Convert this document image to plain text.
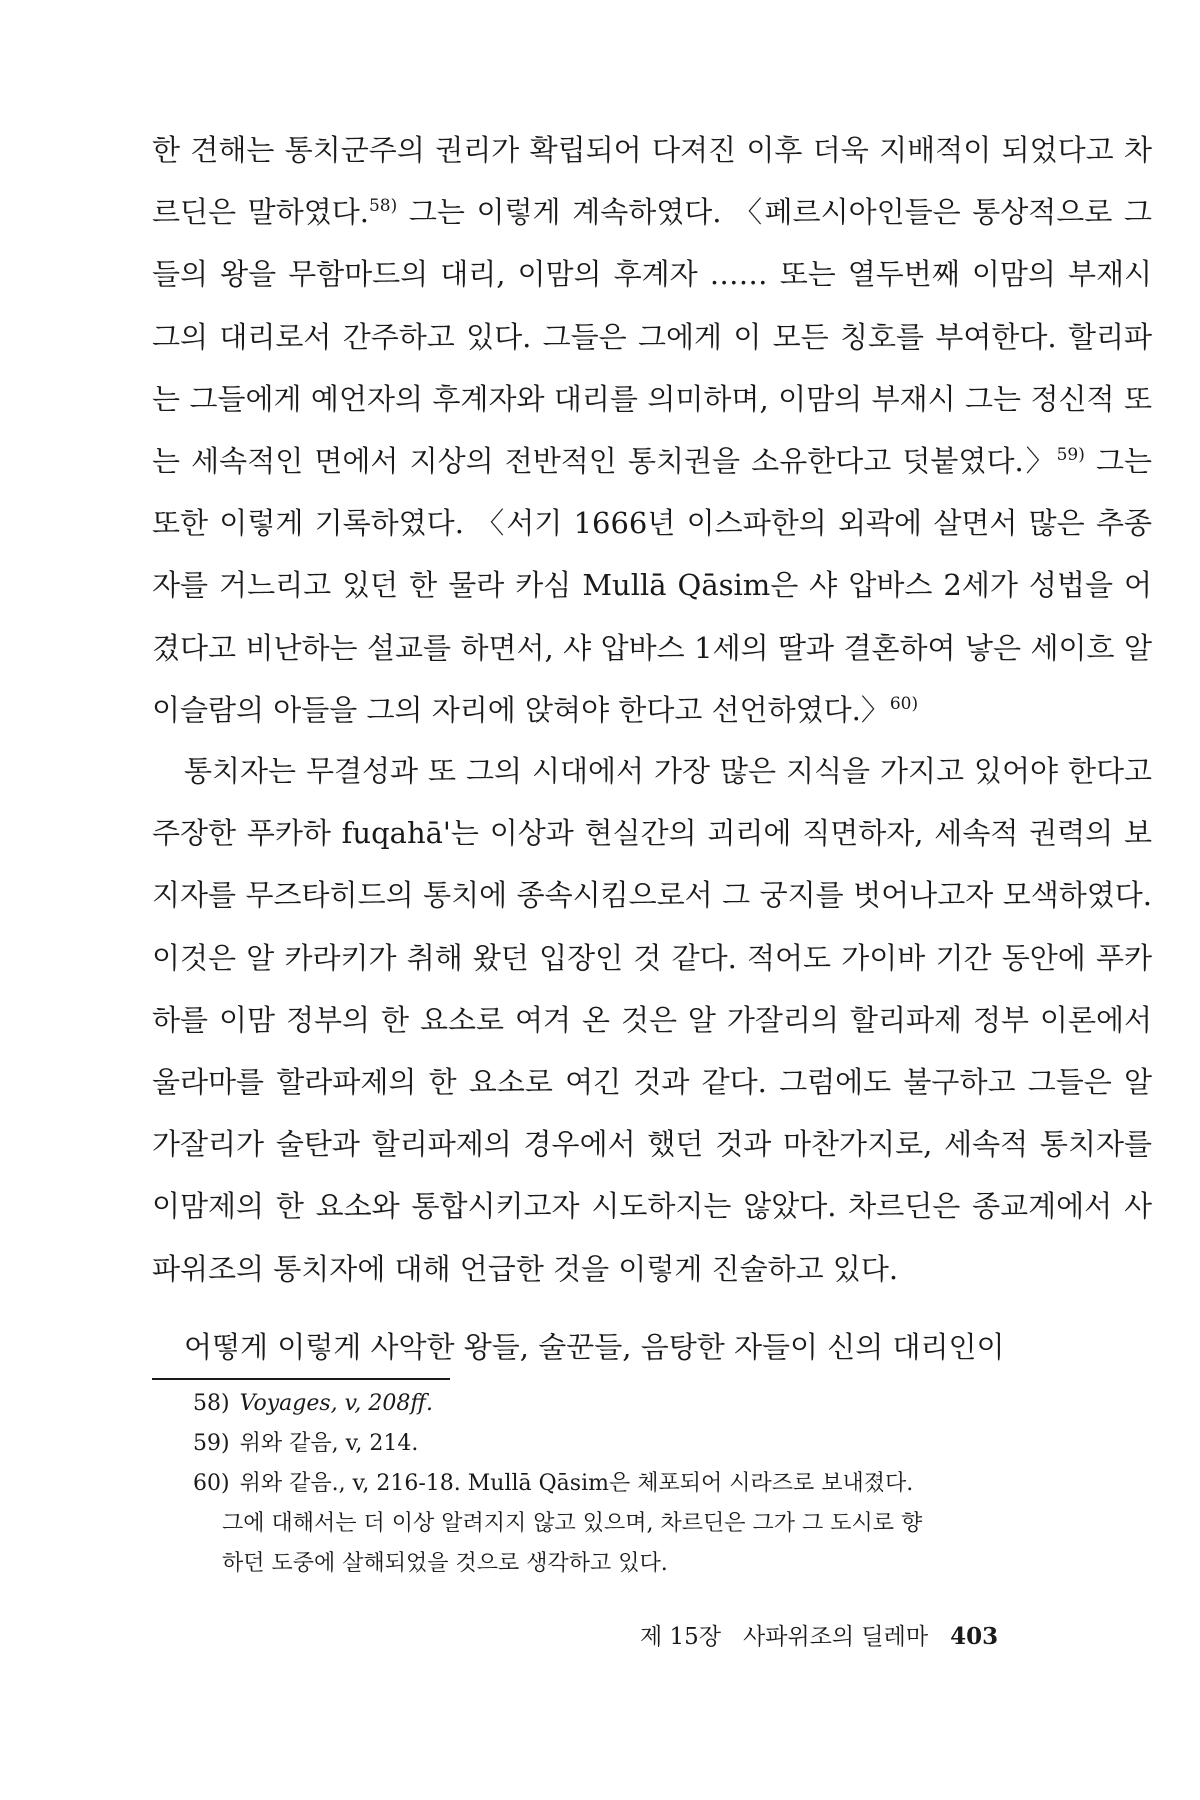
한 견해는 통치군주의 권리가 확립되어 다져진 이후 더욱 지배적이 되었다고 차르딘은 말하였다.$^{58)}$ 그는 이렇게 계속하였다. 〈페르시아인들은 통상적으로 그들의 왕을 무함마드의 대리, 이맘의 후계자 …… 또는 열두번째 이맘의 부재시 그의 대리로서 간주하고 있다. 그들은 그에게 이 모든 칭호를 부여한다. 할리파는 그들에게 예언자의 후계자와 대리를 의미하며, 이맘의 부재시 그는 정신적 또는 세속적인 면에서 지상의 전반적인 통치권을 소유한다고 덧붙였다.〉$^{59)}$ 그는 또한 이렇게 기록하였다. 〈서기 1666년 이스파한의 외곽에 살면서 많은 추종자를 거느리고 있던 한 물라 카심 Mullā Qāsim은 샤 압바스 2세가 성법을 어겼다고 비난하는 설교를 하면서, 샤 압바스 1세의 딸과 결혼하여 낳은 세이흐 알 이슬람의 아들을 그의 자리에 앉혀야 한다고 선언하였다.〉$^{60)}$

통치자는 무결성과 또 그의 시대에서 가장 많은 지식을 가지고 있어야 한다고 주장한 푸카하 fuqahā'는 이상과 현실간의 괴리에 직면하자, 세속적 권력의 보지자를 무즈타히드의 통치에 종속시킴으로서 그 궁지를 벗어나고자 모색하였다. 이것은 알 카라키가 취해 왔던 입장인 것 같다. 적어도 가이바 기간 동안에 푸카하를 이맘 정부의 한 요소로 여겨 온 것은 알 가잘리의 할리파제 정부 이론에서 울라마를 할라파제의 한 요소로 여긴 것과 같다. 그럼에도 불구하고 그들은 알 가잘리가 술탄과 할리파제의 경우에서 했던 것과 마찬가지로, 세속적 통치자를 이맘제의 한 요소와 통합시키고자 시도하지는 않았다. 차르딘은 종교계에서 사파위조의 통치자에 대해 언급한 것을 이렇게 진술하고 있다.

어떻게 이렇게 사악한 왕들, 술꾼들, 음탕한 자들이 신의 대리인이

58) Voyages, v, 208ff.

59) 위와 같음, v, 214.

60) 위와 같음., v, 216-18. Mullā Qāsim은 체포되어 시라즈로 보내졌다.

그에 대해서는 더 이상 알려지지 않고 있으며, 차르딘은 그가 그 도시로 향

하던 도중에 살해되었을 것으로 생각하고 있다.

제 15장 사파위조의 딜레마 403
